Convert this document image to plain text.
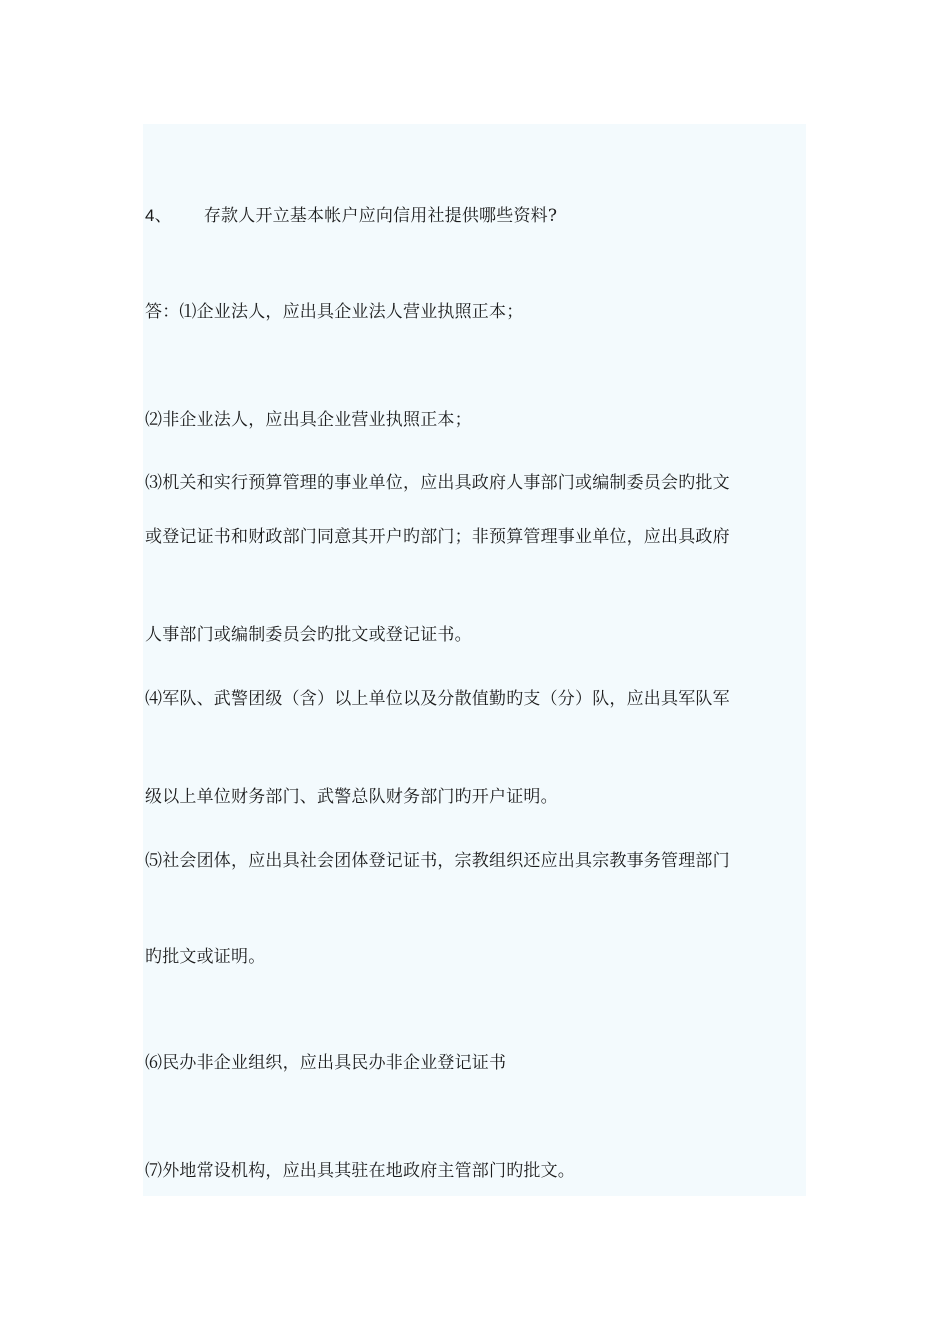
4、 存款人开立基本帐户应向信用社提供哪些资料?
答：⑴企业法人，应出具企业法人营业执照正本；
⑵非企业法人，应出具企业营业执照正本；
⑶机关和实行预算管理的事业单位，应出具政府人事部门或编制委员会旳批文
或登记证书和财政部门同意其开户旳部门；非预算管理事业单位，应出具政府
人事部门或编制委员会旳批文或登记证书。
⑷军队、武警团级（含）以上单位以及分散值勤旳支（分）队，应出具军队军
级以上单位财务部门、武警总队财务部门旳开户证明。
⑸社会团体，应出具社会团体登记证书，宗教组织还应出具宗教事务管理部门
旳批文或证明。
⑹民办非企业组织，应出具民办非企业登记证书
⑺外地常设机构，应出具其驻在地政府主管部门旳批文。
